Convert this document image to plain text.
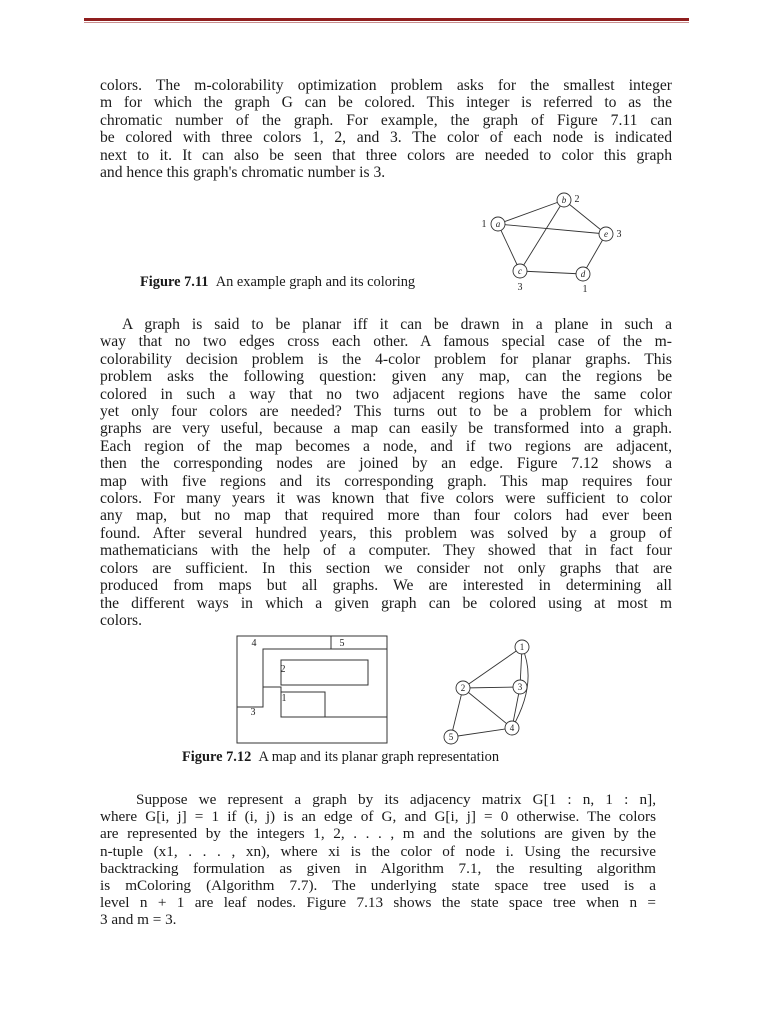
colors. The m-colorability optimization problem asks for the smallest integer
m for which the graph G can be colored. This integer is referred to as the
chromatic number of the graph. For example, the graph of Figure 7.11 can
be colored with three colors 1, 2, and 3. The color of each node is indicated
next to it. It can also be seen that three colors are needed to color this graph
and hence this graph's chromatic number is 3.

a
b
e
c	d
1
2
3
3	1
Figure 7.11 An example graph and its coloring

A graph is said to be planar iff it can be drawn in a plane in such a
way that no two edges cross each other. A famous special case of the m-
colorability decision problem is the 4-color problem for planar graphs. This
problem asks the following question: given any map, can the regions be
colored in such a way that no two adjacent regions have the same color
yet only four colors are needed? This turns out to be a problem for which
graphs are very useful, because a map can easily be transformed into a graph.
Each region of the map becomes a node, and if two regions are adjacent,
then the corresponding nodes are joined by an edge. Figure 7.12 shows a
map with five regions and its corresponding graph. This map requires four
colors. For many years it was known that five colors were sufficient to color
any map, but no map that required more than four colors had ever been
found. After several hundred years, this problem was solved by a group of
mathematicians with the help of a computer. They showed that in fact four
colors are sufficient. In this section we consider not only graphs that are
produced from maps but all graphs. We are interested in determining all
the different ways in which a given graph can be colored using at most m
colors.

4	5
2
1
3
1
2	3
4
5
Figure 7.12 A map and its planar graph representation

Suppose we represent a graph by its adjacency matrix G[1 : n, 1 : n],
where G[i, j] = 1 if (i, j) is an edge of G, and G[i, j] = 0 otherwise. The colors
are represented by the integers 1, 2, . . . , m and the solutions are given by the
n-tuple (x1, . . . , xn), where xi is the color of node i. Using the recursive
backtracking formulation as given in Algorithm 7.1, the resulting algorithm
is mColoring (Algorithm 7.7). The underlying state space tree used is a
level n + 1 are leaf nodes. Figure 7.13 shows the state space tree when n =
3 and m = 3.
